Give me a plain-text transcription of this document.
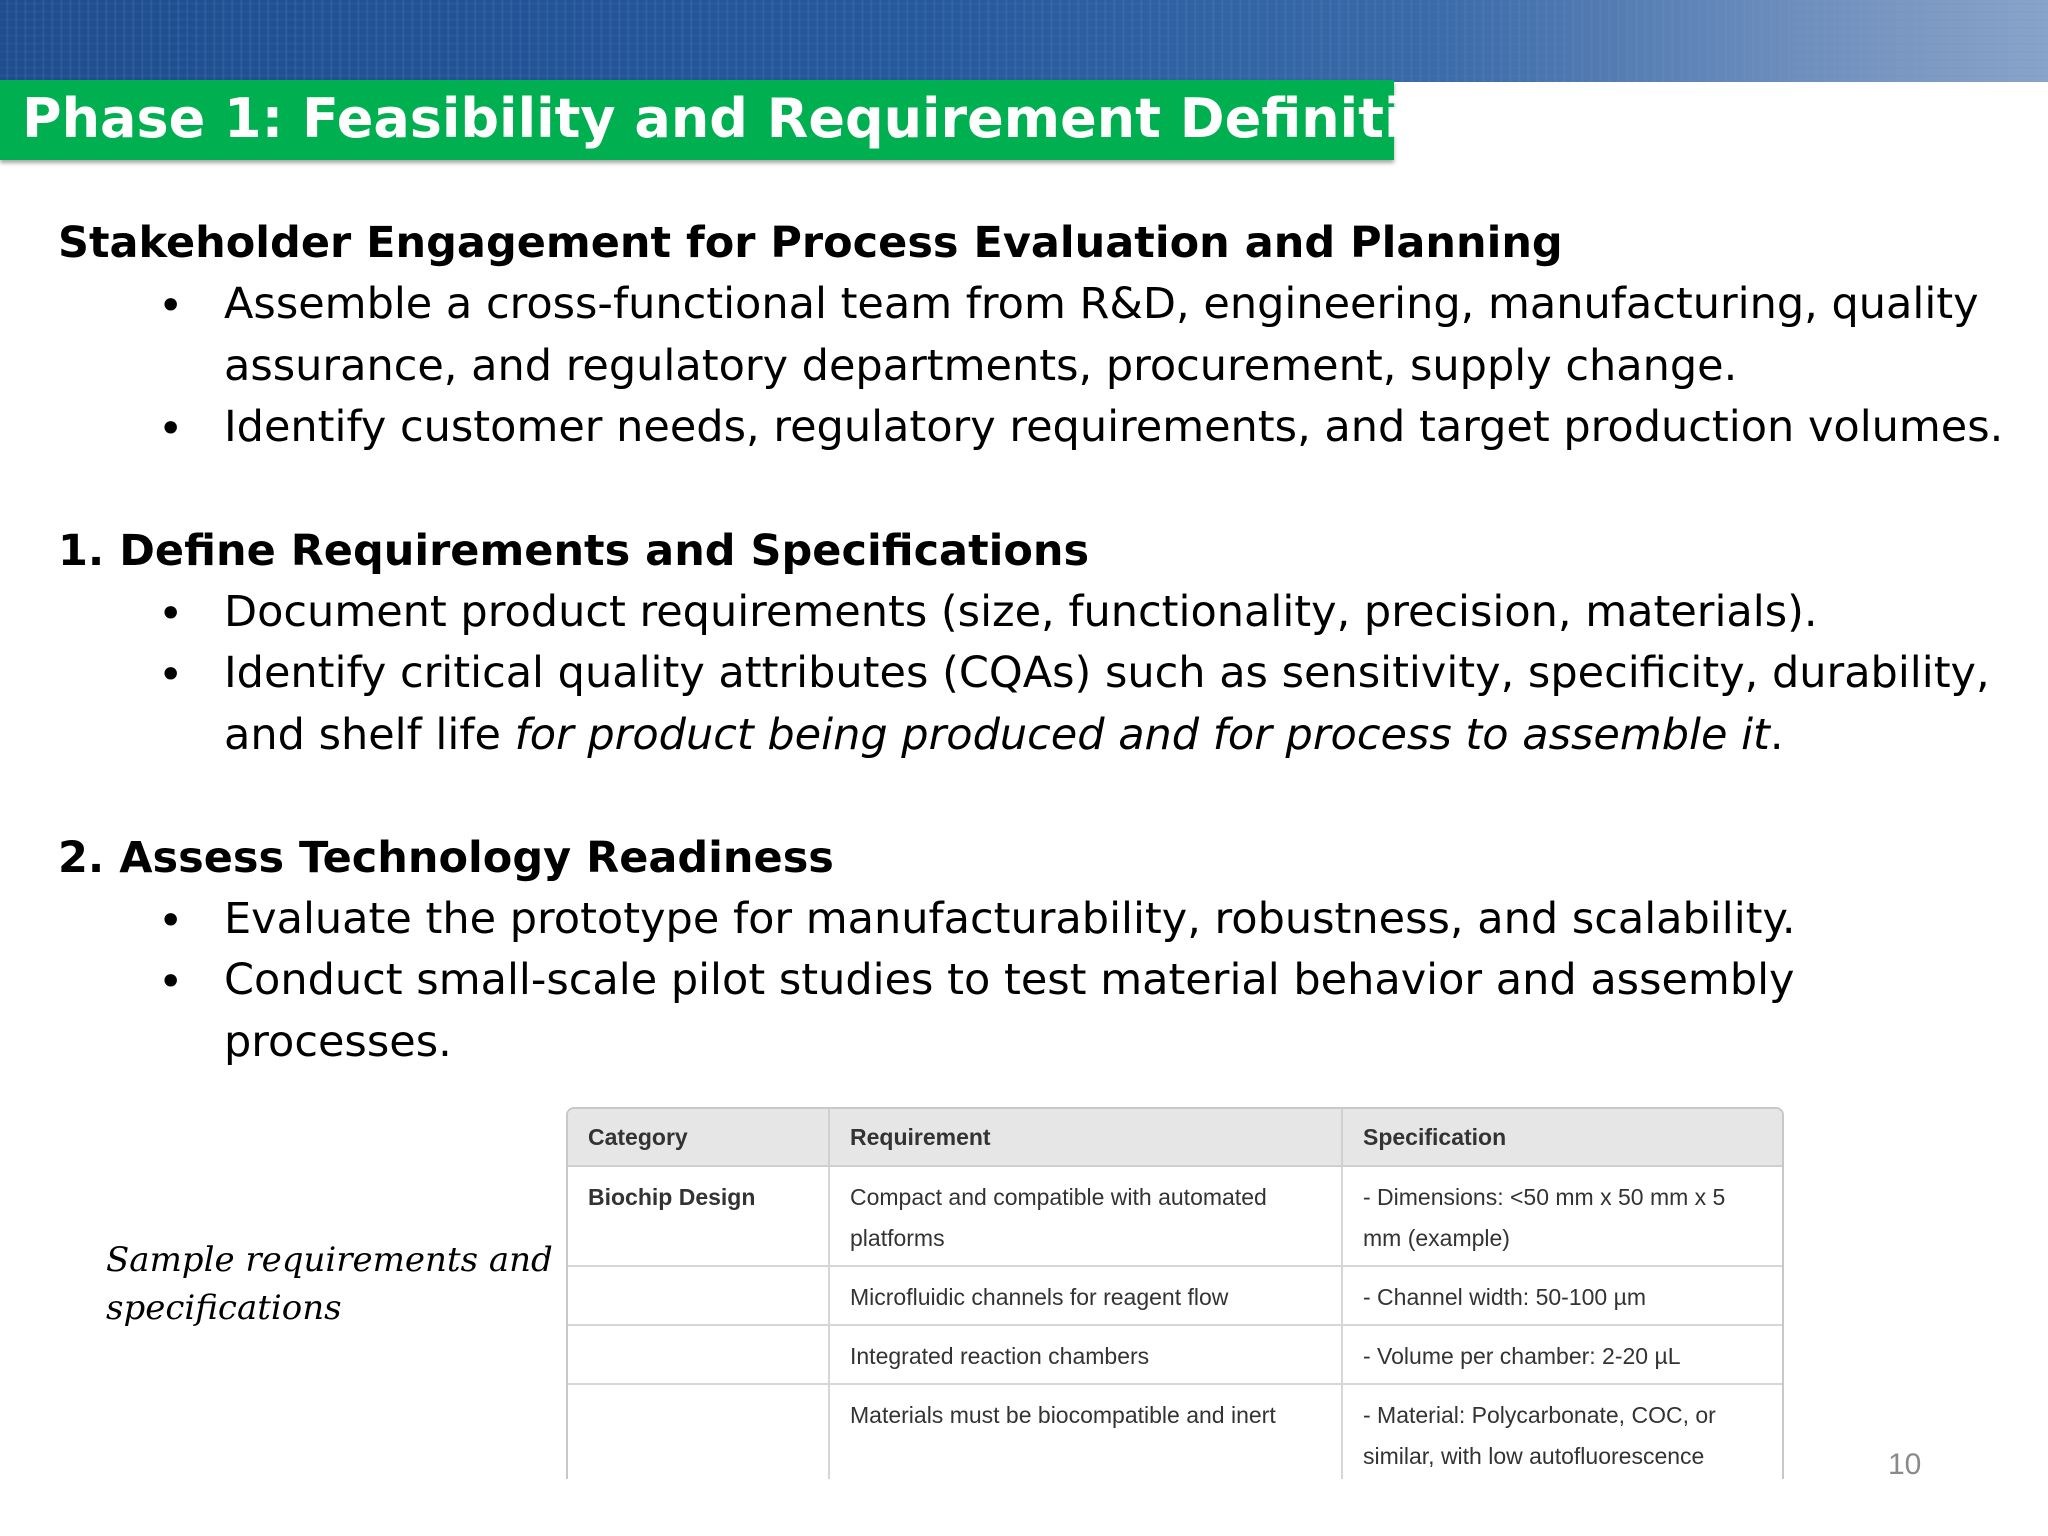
Phase 1: Feasibility and Requirement Definition
Stakeholder Engagement for Process Evaluation and Planning
• Assemble a cross-functional team from R&D, engineering, manufacturing, quality assurance, and regulatory departments, procurement, supply change.
• Identify customer needs, regulatory requirements, and target production volumes.
1. Define Requirements and Specifications
• Document product requirements (size, functionality, precision, materials).
• Identify critical quality attributes (CQAs) such as sensitivity, specificity, durability, and shelf life for product being produced and for process to assemble it.
2. Assess Technology Readiness
• Evaluate the prototype for manufacturability, robustness, and scalability.
• Conduct small-scale pilot studies to test material behavior and assembly processes.
Sample requirements and specifications
Category	Requirement	Specification
Biochip Design	Compact and compatible with automated platforms	- Dimensions: <50 mm x 50 mm x 5 mm (example)
	Microfluidic channels for reagent flow	- Channel width: 50-100 µm
	Integrated reaction chambers	- Volume per chamber: 2-20 µL
	Materials must be biocompatible and inert	- Material: Polycarbonate, COC, or similar, with low autofluorescence	10
